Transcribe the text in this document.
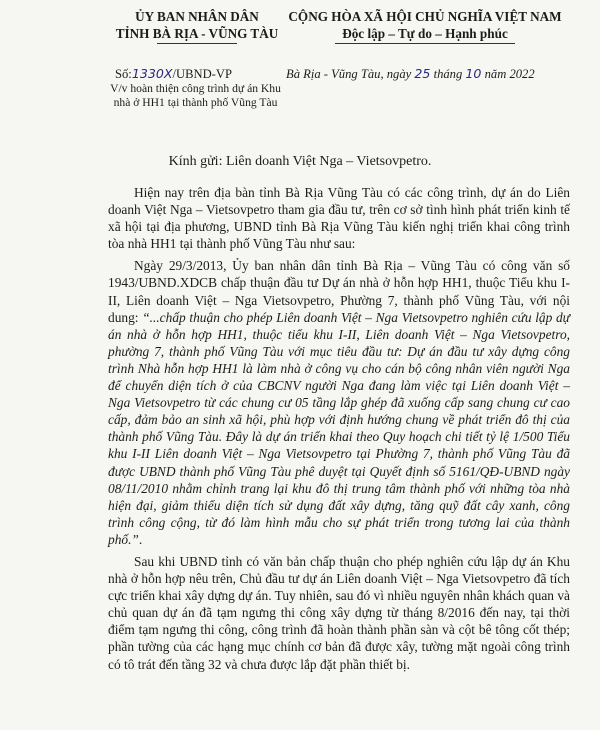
ỦY BAN NHÂN DÂN
TỈNH BÀ RỊA - VŨNG TÀU
CỘNG HÒA XÃ HỘI CHỦ NGHĨA VIỆT NAM
Độc lập – Tự do – Hạnh phúc
Số:1330X/UBND-VP	Bà Rịa - Vũng Tàu, ngày 25 tháng 10 năm 2022
V/v hoàn thiện công trình dự án Khu nhà ở HH1 tại thành phố Vũng Tàu
Kính gửi: Liên doanh Việt Nga – Vietsovpetro.

Hiện nay trên địa bàn tỉnh Bà Rịa Vũng Tàu có các công trình, dự án do Liên doanh Việt Nga – Vietsovpetro tham gia đầu tư, trên cơ sở tình hình phát triển kinh tế xã hội tại địa phương, UBND tỉnh Bà Rịa Vũng Tàu kiến nghị triển khai công trình tòa nhà HH1 tại thành phố Vũng Tàu như sau:

Ngày 29/3/2013, Ủy ban nhân dân tỉnh Bà Rịa – Vũng Tàu có công văn số 1943/UBND.XDCB chấp thuận đầu tư Dự án nhà ở hỗn hợp HH1, thuộc Tiểu khu I-II, Liên doanh Việt – Nga Vietsovpetro, Phường 7, thành phố Vũng Tàu, với nội dung: “...chấp thuận cho phép Liên doanh Việt – Nga Vietsovpetro nghiên cứu lập dự án nhà ở hỗn hợp HH1, thuộc tiểu khu I-II, Liên doanh Việt – Nga Vietsovpetro, phường 7, thành phố Vũng Tàu với mục tiêu đầu tư: Dự án đầu tư xây dựng công trình Nhà hỗn hợp HH1 là làm nhà ở công vụ cho cán bộ công nhân viên người Nga để chuyển diện tích ở của CBCNV người Nga đang làm việc tại Liên doanh Việt – Nga Vietsovpetro từ các chung cư 05 tầng lắp ghép đã xuống cấp sang chung cư cao cấp, đảm bảo an sinh xã hội, phù hợp với định hướng chung về phát triển đô thị của thành phố Vũng Tàu. Đây là dự án triển khai theo Quy hoạch chi tiết tỷ lệ 1/500 Tiểu khu I-II Liên doanh Việt – Nga Vietsovpetro tại Phường 7, thành phố Vũng Tàu đã được UBND thành phố Vũng Tàu phê duyệt tại Quyết định số 5161/QĐ-UBND ngày 08/11/2010 nhằm chỉnh trang lại khu đô thị trung tâm thành phố với những tòa nhà hiện đại, giảm thiểu diện tích sử dụng đất xây dựng, tăng quỹ đất cây xanh, công trình công cộng, từ đó làm hình mẫu cho sự phát triển trong tương lai của thành phố.”.

Sau khi UBND tỉnh có văn bản chấp thuận cho phép nghiên cứu lập dự án Khu nhà ở hỗn hợp nêu trên, Chủ đầu tư dự án Liên doanh Việt – Nga Vietsovpetro đã tích cực triển khai xây dựng dự án. Tuy nhiên, sau đó vì nhiều nguyên nhân khách quan và chủ quan dự án đã tạm ngưng thi công xây dựng từ tháng 8/2016 đến nay, tại thời điểm tạm ngưng thi công, công trình đã hoàn thành phần sàn và cột bê tông cốt thép; phần tường của các hạng mục chính cơ bản đã được xây, tường mặt ngoài công trình có tô trát đến tầng 32 và chưa được lắp đặt phần thiết bị.
